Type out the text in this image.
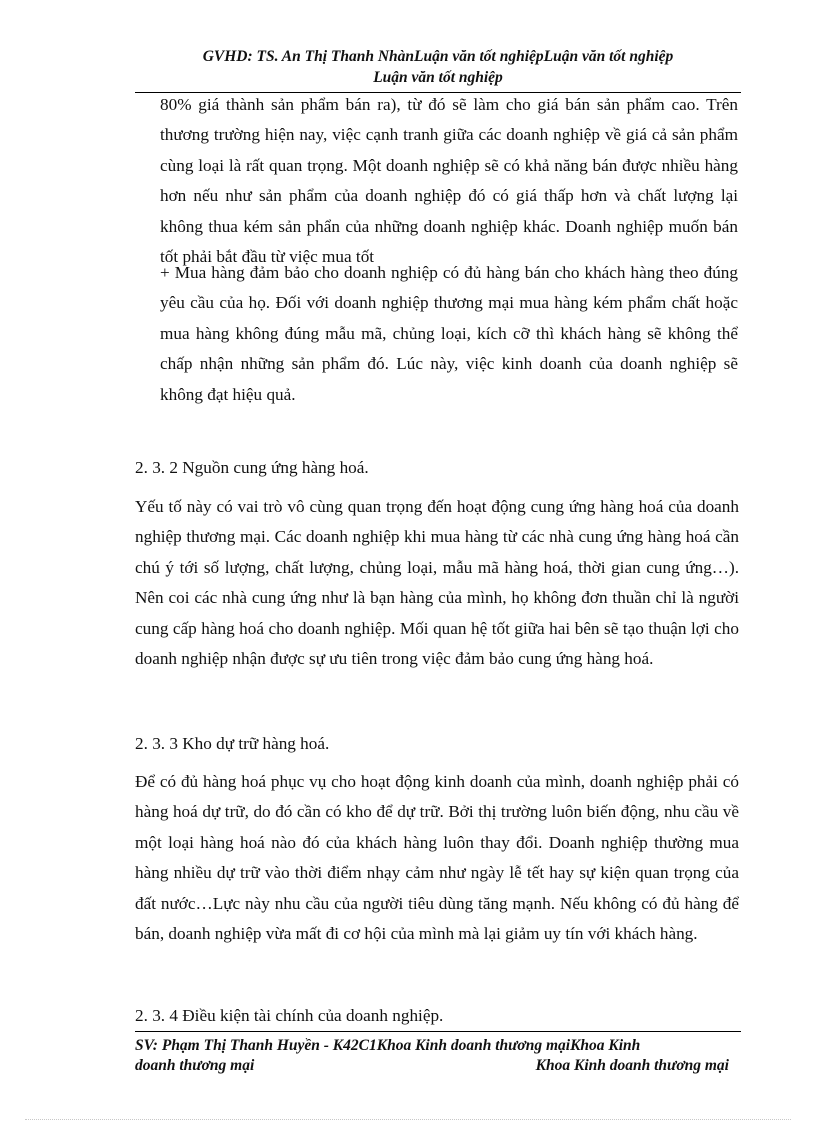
GVHD: TS. An Thị Thanh NhànLuận văn tốt nghiệpLuận văn tốt nghiệp
Luận văn tốt nghiệp
80% giá thành sản phẩm bán ra), từ đó sẽ làm cho giá bán sản phẩm cao. Trên thương trường hiện nay, việc cạnh tranh giữa các doanh nghiệp về giá cả sản phẩm cùng loại là rất quan trọng. Một doanh nghiệp sẽ có khả năng bán được nhiều hàng hơn nếu như sản phẩm của doanh nghiệp đó có giá thấp hơn và chất lượng lại không thua kém sản phẩn của những doanh nghiệp khác. Doanh nghiệp muốn bán tốt phải bắt đầu từ việc mua tốt
+ Mua hàng đảm bảo cho doanh nghiệp có đủ hàng bán cho khách hàng theo đúng yêu cầu của họ. Đối với doanh nghiệp thương mại mua hàng kém phẩm chất hoặc mua hàng không đúng mẫu mã, chủng loại, kích cỡ thì khách hàng sẽ không thể chấp nhận những sản phẩm đó. Lúc này, việc kinh doanh của doanh nghiệp sẽ không đạt hiệu quả.
2. 3. 2 Nguồn cung ứng hàng hoá.
Yếu tố này có vai trò vô cùng quan trọng đến hoạt động cung ứng hàng hoá của doanh nghiệp thương mại. Các doanh nghiệp khi mua hàng từ các nhà cung ứng hàng hoá cần chú ý tới số lượng, chất lượng, chủng loại, mẫu mã hàng hoá, thời gian cung ứng…). Nên coi các nhà cung ứng như là bạn hàng của mình, họ không đơn thuần chỉ là người cung cấp hàng hoá cho doanh nghiệp. Mối quan hệ tốt giữa hai bên sẽ tạo thuận lợi cho doanh nghiệp nhận được sự ưu tiên trong việc đảm bảo cung ứng hàng hoá.
2. 3. 3 Kho dự trữ hàng hoá.
Để có đủ hàng hoá phục vụ cho hoạt động kinh doanh của mình, doanh nghiệp phải có hàng hoá dự trữ, do đó cần có kho để dự trữ. Bởi thị trường luôn biến động, nhu cầu về một loại hàng hoá nào đó của khách hàng luôn thay đổi. Doanh nghiệp thường mua hàng nhiều dự trữ vào thời điểm nhạy cảm như ngày lễ tết hay sự kiện quan trọng của đất nước…Lực này nhu cầu của người tiêu dùng tăng mạnh. Nếu không có đủ hàng để bán, doanh nghiệp vừa mất đi cơ hội của mình mà lại giảm uy tín với khách hàng.
2. 3. 4 Điều kiện tài chính của doanh nghiệp.
SV: Phạm Thị Thanh Huyền - K42C1Khoa Kinh doanh thương mạiKhoa Kinh
doanh thương mại	Khoa Kinh doanh thương mại
